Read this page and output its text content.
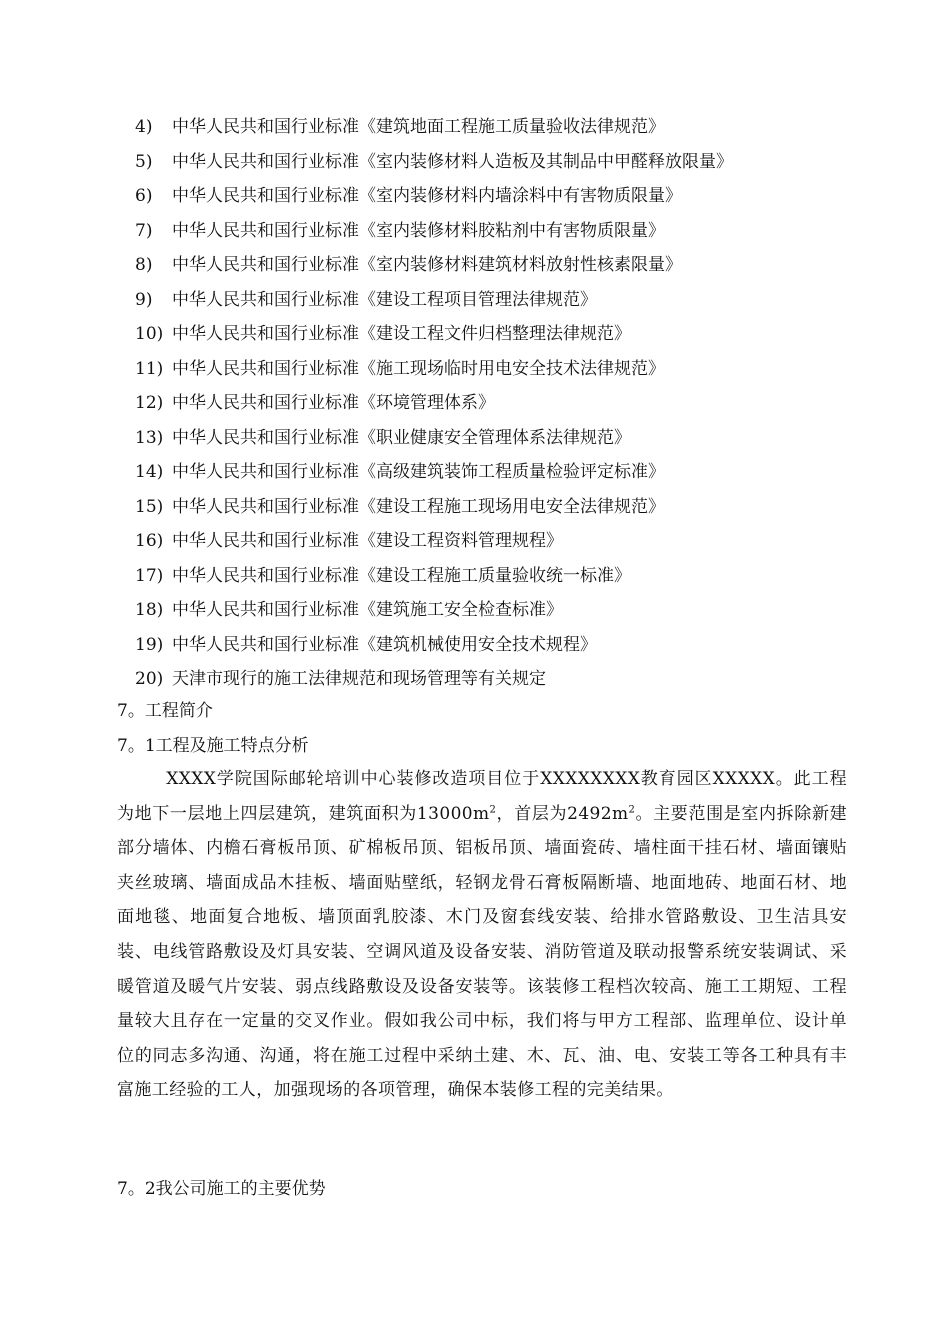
4)	中华人民共和国行业标准《建筑地面工程施工质量验收法律规范》
5)	中华人民共和国行业标准《室内装修材料人造板及其制品中甲醛释放限量》
6)	中华人民共和国行业标准《室内装修材料内墙涂料中有害物质限量》
7)	中华人民共和国行业标准《室内装修材料胶粘剂中有害物质限量》
8)	中华人民共和国行业标准《室内装修材料建筑材料放射性核素限量》
9)	中华人民共和国行业标准《建设工程项目管理法律规范》
10) 中华人民共和国行业标准《建设工程文件归档整理法律规范》
11) 中华人民共和国行业标准《施工现场临时用电安全技术法律规范》
12) 中华人民共和国行业标准《环境管理体系》
13) 中华人民共和国行业标准《职业健康安全管理体系法律规范》
14) 中华人民共和国行业标准《高级建筑装饰工程质量检验评定标准》
15) 中华人民共和国行业标准《建设工程施工现场用电安全法律规范》
16) 中华人民共和国行业标准《建设工程资料管理规程》
17) 中华人民共和国行业标准《建设工程施工质量验收统一标准》
18) 中华人民共和国行业标准《建筑施工安全检查标准》
19) 中华人民共和国行业标准《建筑机械使用安全技术规程》
20) 天津市现行的施工法律规范和现场管理等有关规定
7。工程简介
7。1工程及施工特点分析

XXXX学院国际邮轮培训中心装修改造项目位于XXXXXXXX教育园区XXXXX。此工程为地下一层地上四层建筑，建筑面积为$13000m^2$，首层为$2492m^2$。主要范围是室内拆除新建部分墙体、内檐石膏板吊顶、矿棉板吊顶、铝板吊顶、墙面瓷砖、墙柱面干挂石材、墙面镶贴夹丝玻璃、墙面成品木挂板、墙面贴壁纸，轻钢龙骨石膏板隔断墙、地面地砖、地面石材、地面地毯、地面复合地板、墙顶面乳胶漆、木门及窗套线安装、给排水管路敷设、卫生洁具安装、电线管路敷设及灯具安装、空调风道及设备安装、消防管道及联动报警系统安装调试、采暖管道及暖气片安装、弱点线路敷设及设备安装等。该装修工程档次较高、施工工期短、工程量较大且存在一定量的交叉作业。假如我公司中标，我们将与甲方工程部、监理单位、设计单位的同志多沟通、沟通，将在施工过程中采纳土建、木、瓦、油、电、安装工等各工种具有丰富施工经验的工人，加强现场的各项管理，确保本装修工程的完美结果。

7。2我公司施工的主要优势
